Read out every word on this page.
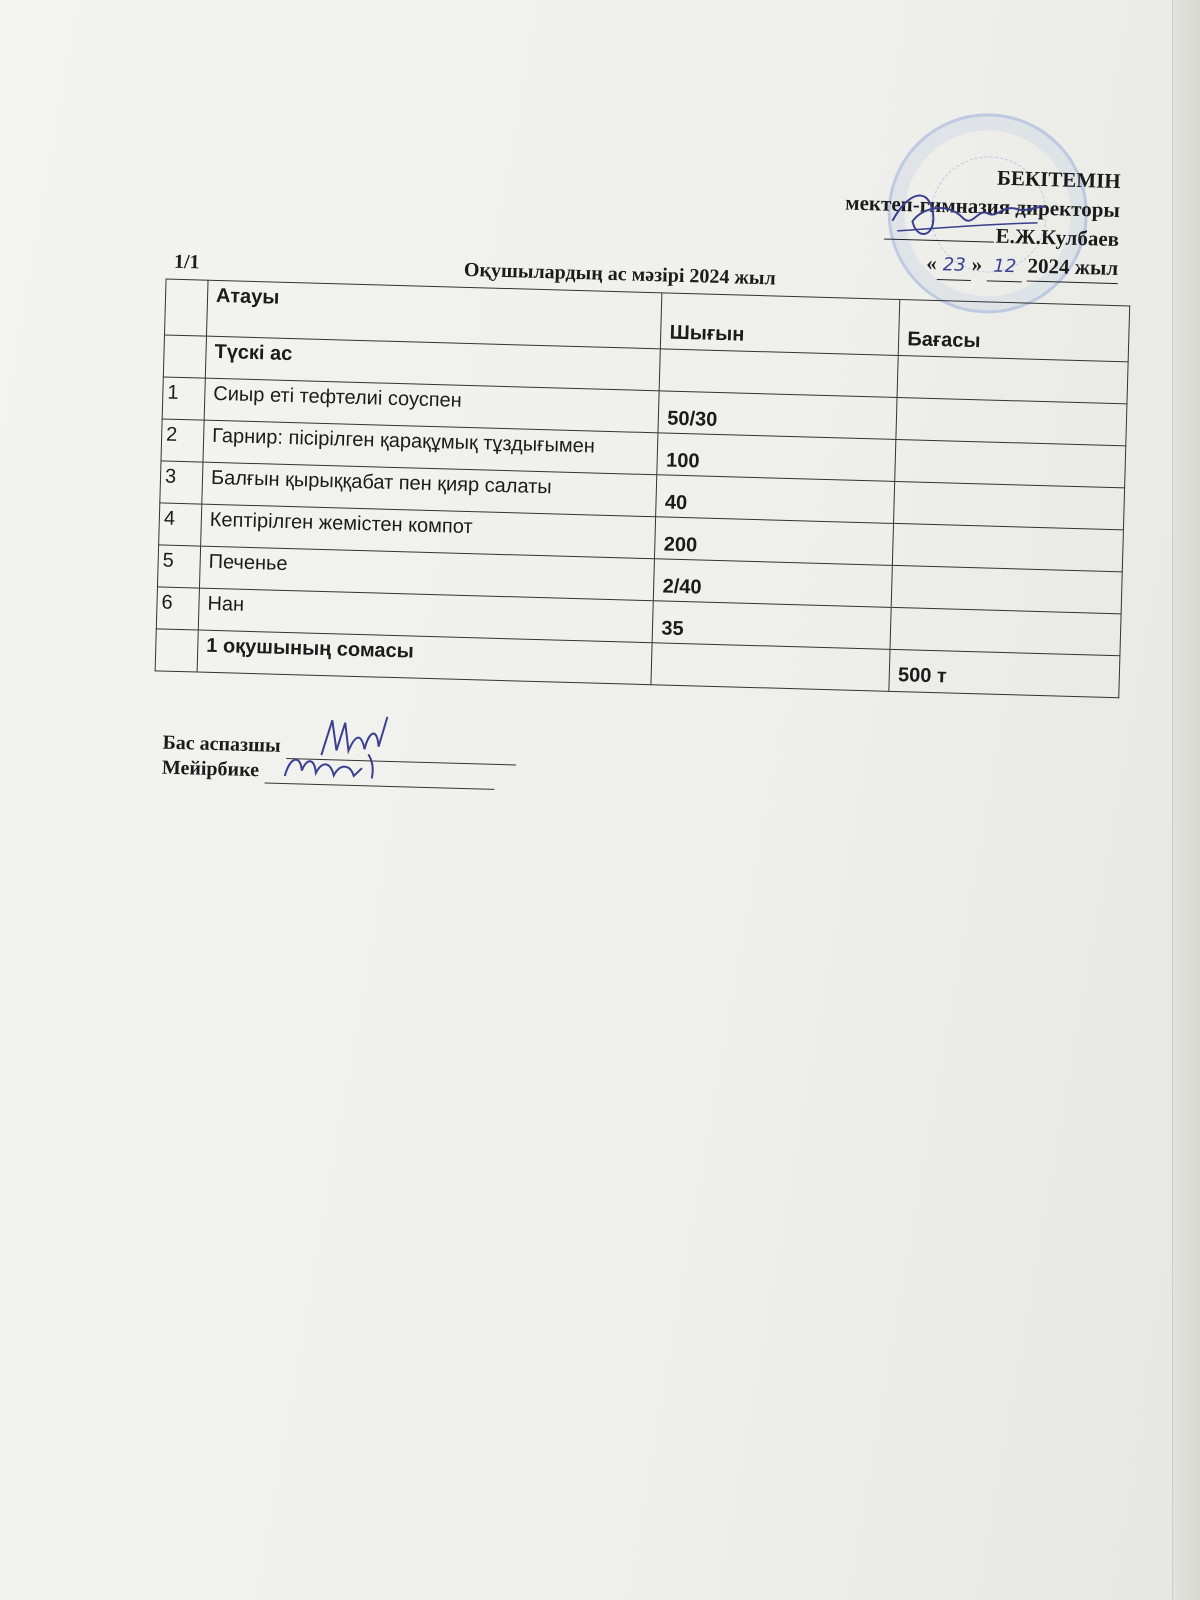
БЕКІТЕМІН
мектеп-гимназия директоры
Е.Ж.Кулбаев
« 23 » 12 2024 жыл
1/1	Оқушылардың ас мәзірі 2024 жыл
	Атауы	Шығын	Бағасы
	Түскі ас		
1	Сиыр еті тефтелиі соуспен	50/30	
2	Гарнир: пісірілген қарақұмық тұздығымен	100	
3	Балғын қырыққабат пен қияр салаты	40	
4	Кептірілген жемістен компот	200	
5	Печенье	2/40	
6	Нан	35	
	1 оқушының сомасы		500 т
Бас аспазшы
Мейірбике
